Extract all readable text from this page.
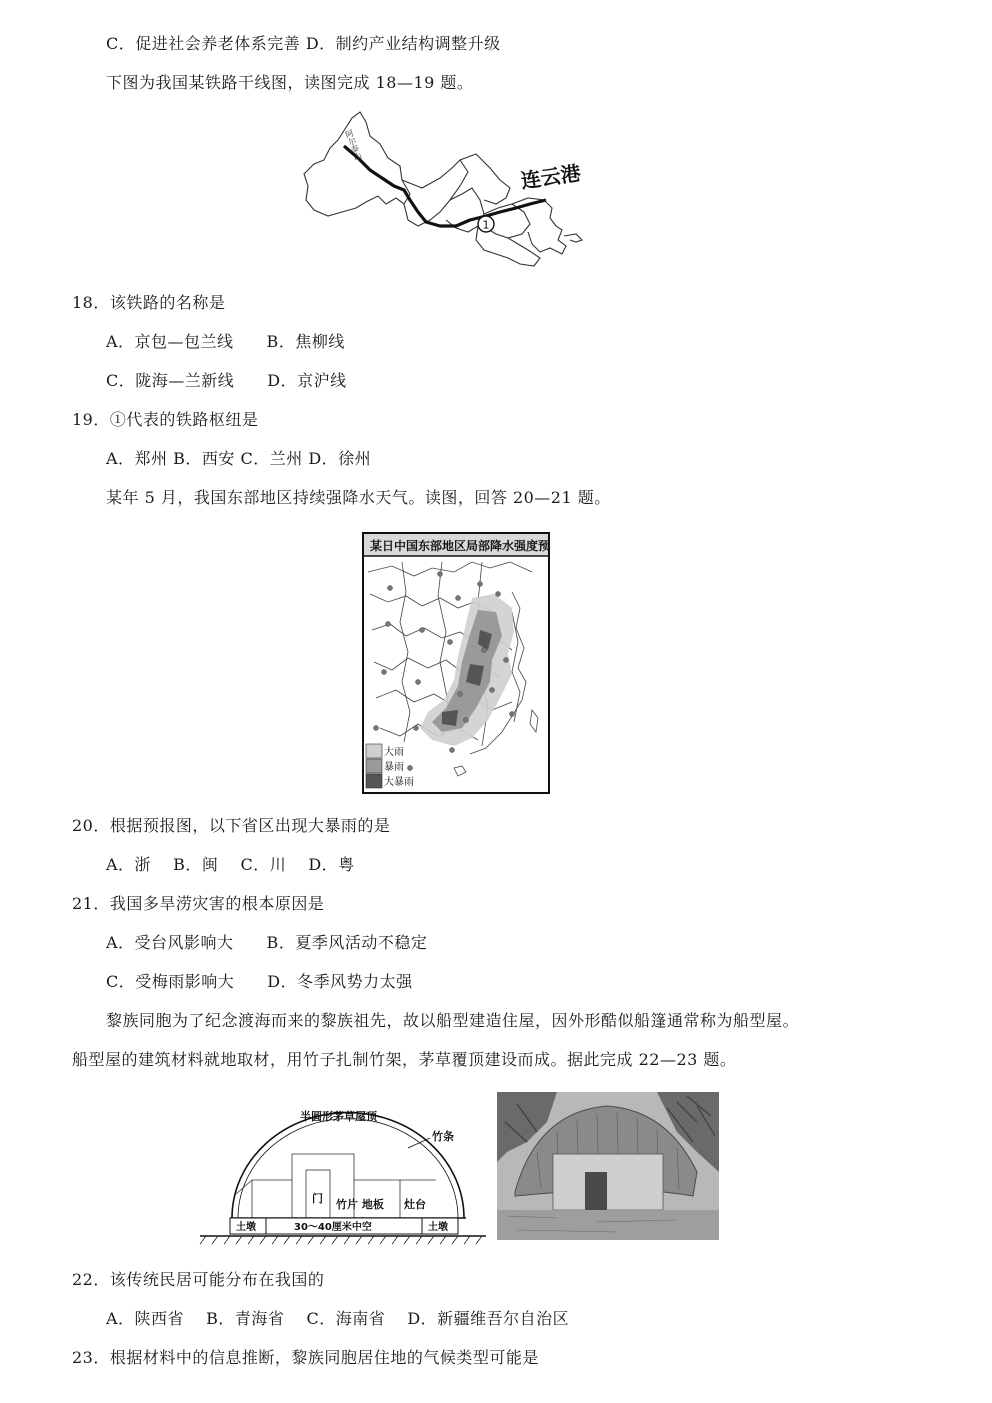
C．促进社会养老体系完善 D．制约产业结构调整升级
下图为我国某铁路干线图，读图完成 18—19 题。
阿尔泰山
1
连云港
18．该铁路的名称是
A．京包—包兰线　　B．焦柳线
C．陇海—兰新线　　D．京沪线
19．①代表的铁路枢纽是
A．郑州 B．西安 C．兰州 D．徐州
某年 5 月，我国东部地区持续强降水天气。读图，回答 20—21 题。
某日中国东部地区局部降水强度预报
大雨
暴雨
大暴雨
20．根据预报图，以下省区出现大暴雨的是
A．浙　 B．闽　 C．川　 D．粤
21．我国多旱涝灾害的根本原因是
A．受台风影响大　　B．夏季风活动不稳定
C．受梅雨影响大　　D．冬季风势力太强
黎族同胞为了纪念渡海而来的黎族祖先，故以船型建造住屋，因外形酷似船篷通常称为船型屋。
船型屋的建筑材料就地取材，用竹子扎制竹架，茅草覆顶建设而成。据此完成 22—23 题。
半圆形茅草屋顶
竹条
门 竹片 地板 灶台
土墩	土墩
30～40厘米中空
22．该传统民居可能分布在我国的
A．陕西省　 B．青海省　 C．海南省　 D．新疆维吾尔自治区
23．根据材料中的信息推断，黎族同胞居住地的气候类型可能是
